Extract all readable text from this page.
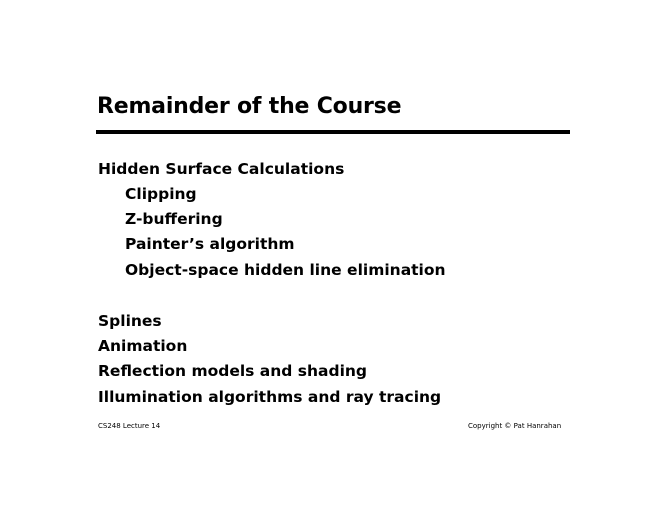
Remainder of the Course

Hidden Surface Calculations

Clipping

Z-buffering

Painter’s algorithm

Object-space hidden line elimination

Splines

Animation

Reflection models and shading

Illumination algorithms and ray tracing

CS248 Lecture 14	Copyright © Pat Hanrahan
